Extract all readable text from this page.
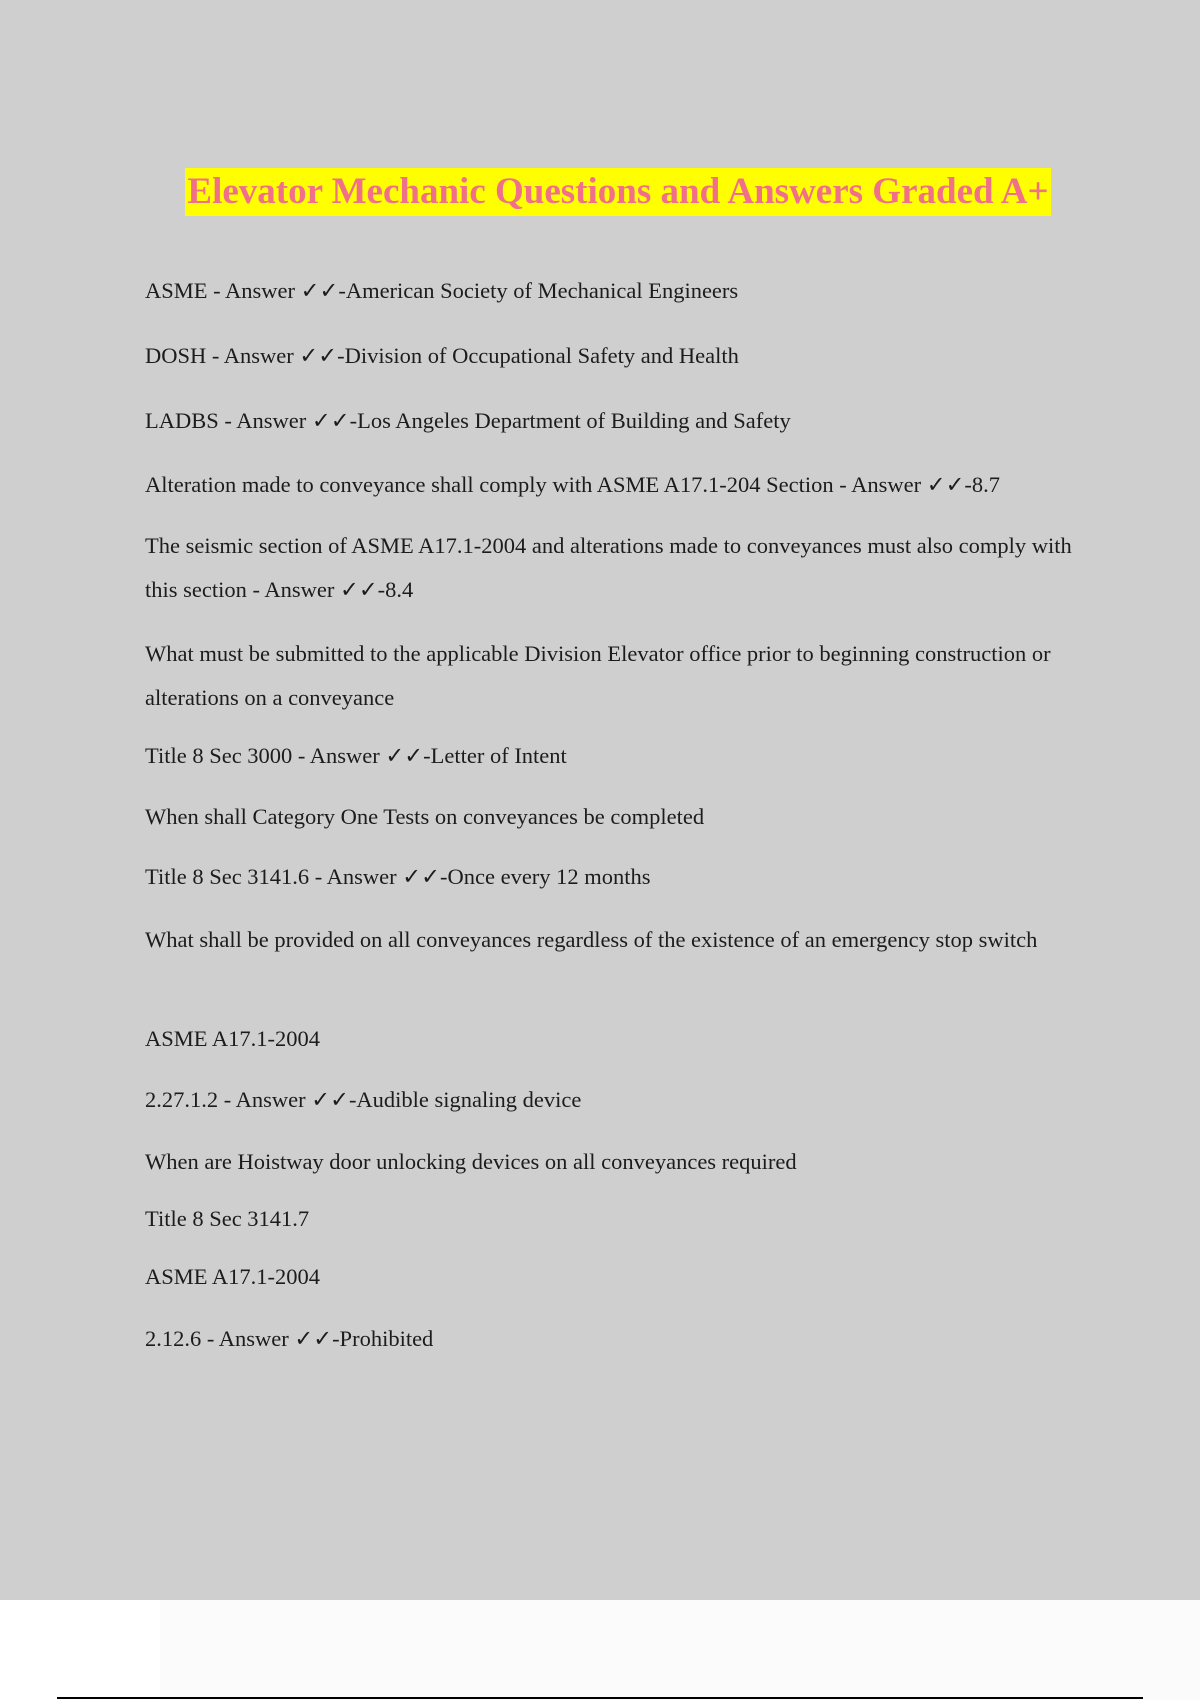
Elevator Mechanic Questions and Answers Graded A+

ASME - Answer ✓✓-American Society of Mechanical Engineers

DOSH - Answer ✓✓-Division of Occupational Safety and Health

LADBS - Answer ✓✓-Los Angeles Department of Building and Safety

Alteration made to conveyance shall comply with ASME A17.1-204 Section - Answer ✓✓-8.7

The seismic section of ASME A17.1-2004 and alterations made to conveyances must also comply with this section - Answer ✓✓-8.4

What must be submitted to the applicable Division Elevator office prior to beginning construction or alterations on a conveyance

Title 8 Sec 3000 - Answer ✓✓-Letter of Intent

When shall Category One Tests on conveyances be completed

Title 8 Sec 3141.6 - Answer ✓✓-Once every 12 months

What shall be provided on all conveyances regardless of the existence of an emergency stop switch

ASME A17.1-2004

2.27.1.2 - Answer ✓✓-Audible signaling device

When are Hoistway door unlocking devices on all conveyances required

Title 8 Sec 3141.7

ASME A17.1-2004

2.12.6 - Answer ✓✓-Prohibited
